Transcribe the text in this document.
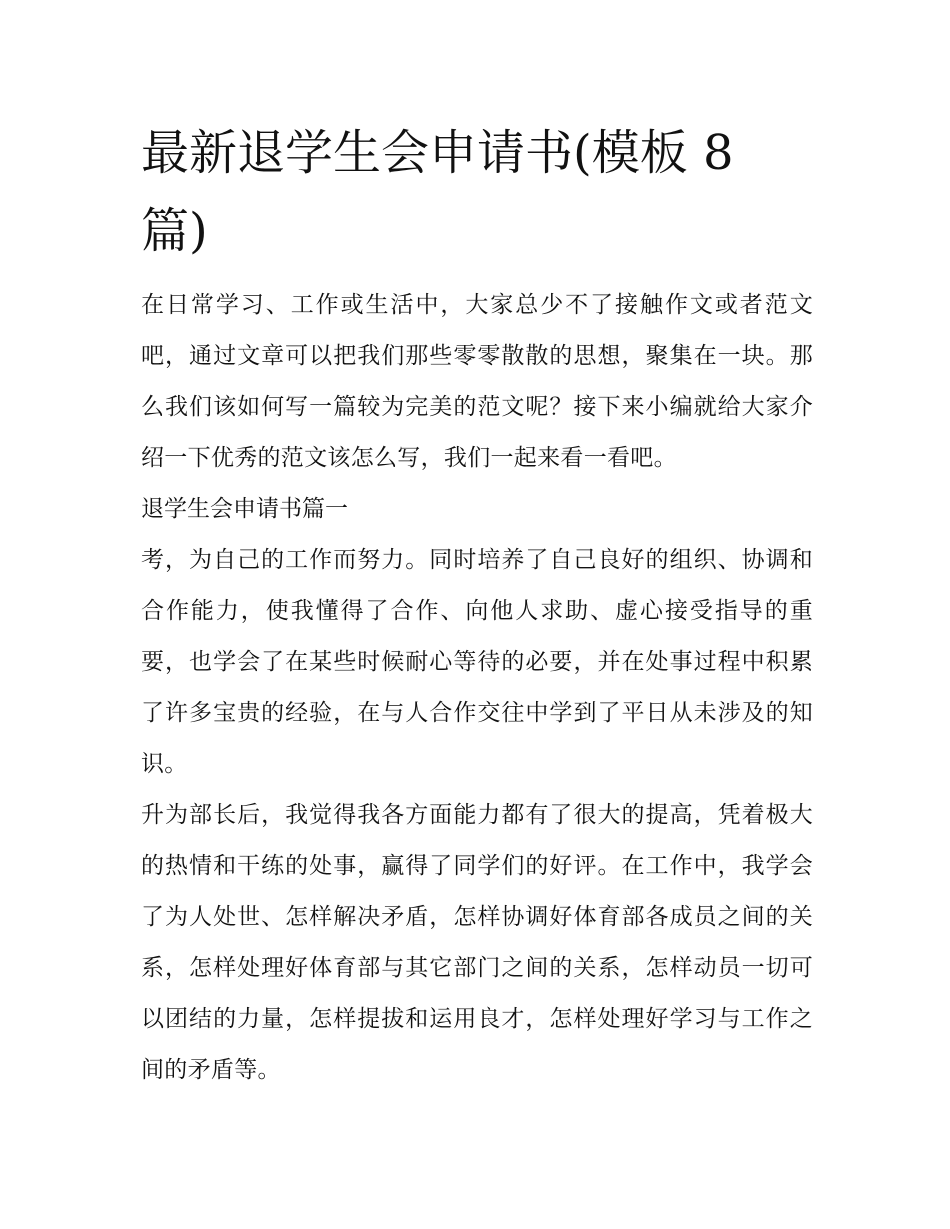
最新退学生会申请书(模板 8 篇)

在日常学习、工作或生活中，大家总少不了接触作文或者范文吧，通过文章可以把我们那些零零散散的思想，聚集在一块。那么我们该如何写一篇较为完美的范文呢？接下来小编就给大家介绍一下优秀的范文该怎么写，我们一起来看一看吧。

退学生会申请书篇一

考，为自己的工作而努力。同时培养了自己良好的组织、协调和合作能力，使我懂得了合作、向他人求助、虚心接受指导的重要，也学会了在某些时候耐心等待的必要，并在处事过程中积累了许多宝贵的经验，在与人合作交往中学到了平日从未涉及的知识。

升为部长后，我觉得我各方面能力都有了很大的提高，凭着极大的热情和干练的处事，赢得了同学们的好评。在工作中，我学会了为人处世、怎样解决矛盾，怎样协调好体育部各成员之间的关系，怎样处理好体育部与其它部门之间的关系，怎样动员一切可以团结的力量，怎样提拔和运用良才，怎样处理好学习与工作之间的矛盾等。
